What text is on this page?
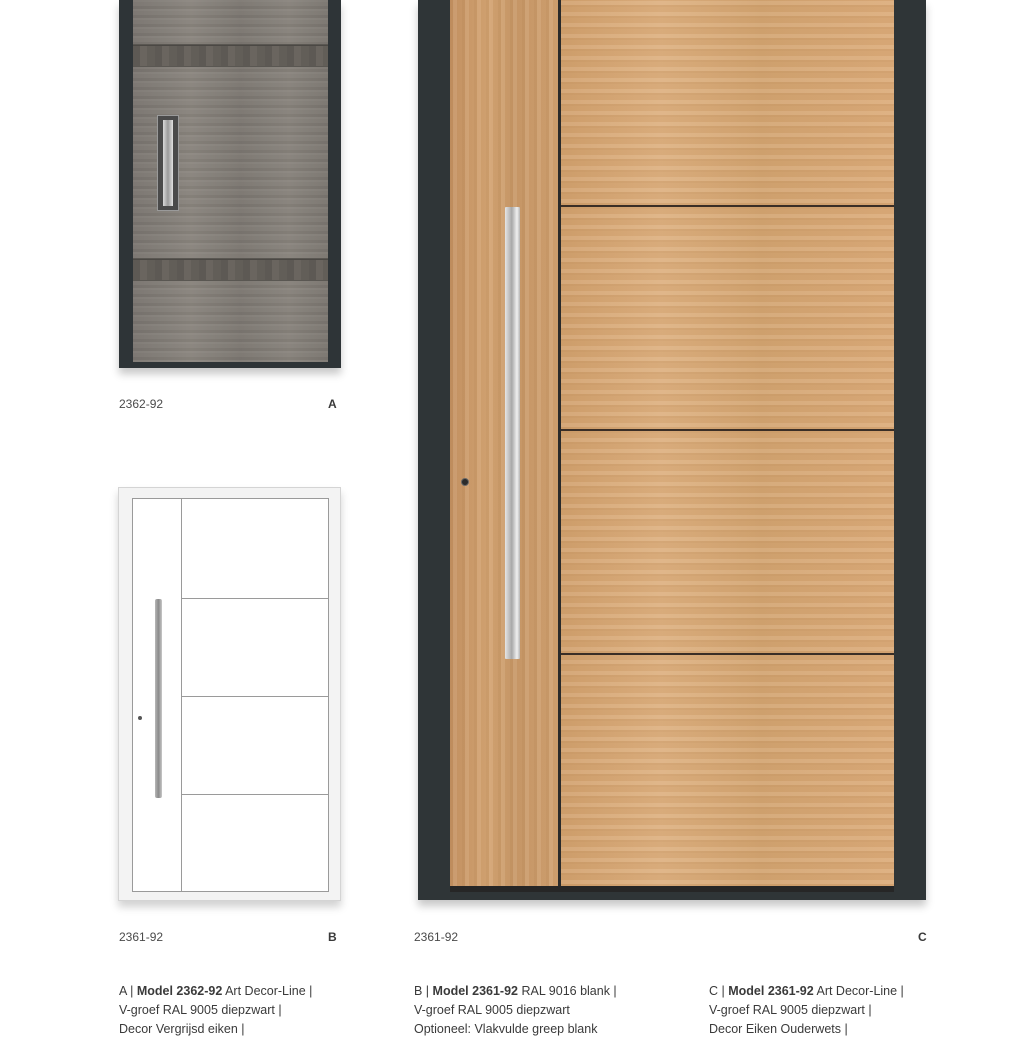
2362-92	A
2361-92	B	2361-92	C
A | Model 2362-92 Art Decor-Line |
V-groef RAL 9005 diepzwart |
Decor Vergrijsd eiken |
B | Model 2361-92 RAL 9016 blank |
V-groef RAL 9005 diepzwart
Optioneel: Vlakvulde greep blank
C | Model 2361-92 Art Decor-Line |
V-groef RAL 9005 diepzwart |
Decor Eiken Ouderwets |
